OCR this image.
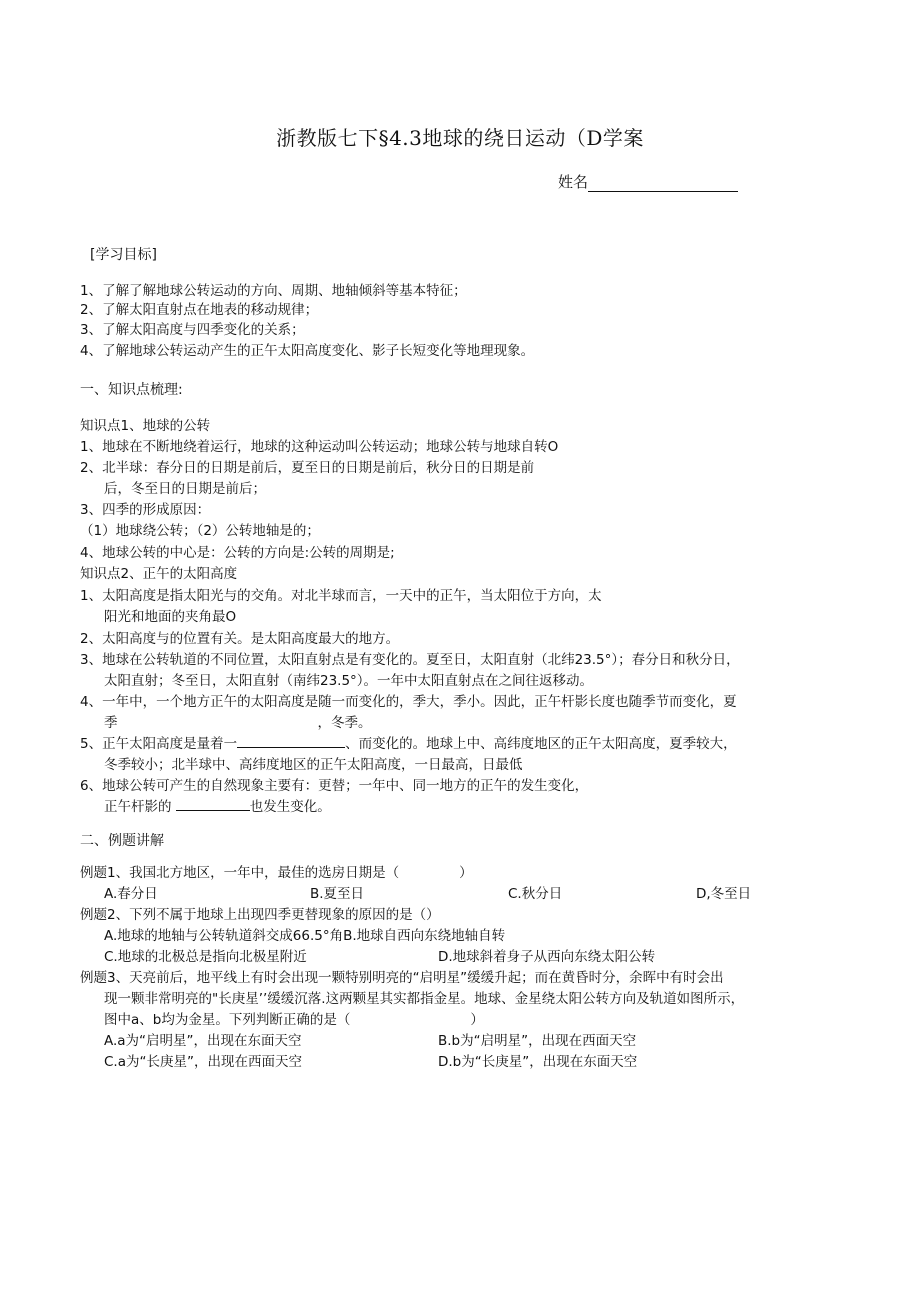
浙教版七下§4.3地球的绕日运动（D学案
姓名
[学习目标]
1、了解了解地球公转运动的方向、周期、地轴倾斜等基本特征；
2、了解太阳直射点在地表的移动规律；
3、了解太阳高度与四季变化的关系；
4、了解地球公转运动产生的正午太阳高度变化、影子长短变化等地理现象。
一、知识点梳理:
知识点1、地球的公转
1、地球在不断地绕着运行，地球的这种运动叫公转运动；地球公转与地球自转O
2、北半球：春分日的日期是前后，夏至日的日期是前后，秋分日的日期是前
后，冬至日的日期是前后；
3、四季的形成原因：
（1）地球绕公转；（2）公转地轴是的；
4、地球公转的中心是：公转的方向是:公转的周期是;
知识点2、正午的太阳高度
1、太阳高度是指太阳光与的交角。对北半球而言，一天中的正午，当太阳位于方向，太
阳光和地面的夹角最O
2、太阳高度与的位置有关。是太阳高度最大的地方。
3、地球在公转轨道的不同位置，太阳直射点是有变化的。夏至日，太阳直射（北纬23.5°）；春分日和秋分日，
太阳直射；冬至日，太阳直射（南纬23.5°）。一年中太阳直射点在之间往返移动。
4、一年中，一个地方正午的太阳高度是随一而变化的，季大，季小。因此，正午杆影长度也随季节而变化，夏
季	，冬季。
5、正午太阳高度是量着一	、而变化的。地球上中、高纬度地区的正午太阳高度，夏季较大，
冬季较小；北半球中、高纬度地区的正午太阳高度，一日最高，日最低
6、地球公转可产生的自然现象主要有：更替；一年中、同一地方的正午的发生变化，
正午杆影的	也发生变化。
二、例题讲解
例题1、我国北方地区，一年中，最佳的选房日期是（	）
A.春分日	B.夏至日	C.秋分日	D,冬至日
例题2、下列不属于地球上出现四季更替现象的原因的是（）
A.地球的地轴与公转轨道斜交成66.5°角B.地球自西向东绕地轴自转
C.地球的北极总是指向北极星附近	D.地球斜着身子从西向东绕太阳公转
例题3、天亮前后，地平线上有时会出现一颗特别明亮的“启明星”缓缓升起；而在黄昏时分，余晖中有时会出
现一颗非常明亮的"长庚星’’缓缓沉落.这两颗星其实都指金星。地球、金星绕太阳公转方向及轨道如图所示，
图中a、b均为金星。下列判断正确的是（	）
A.a为“启明星”，出现在东面天空	B.b为“启明星”，出现在西面天空
C.a为“长庚星”，出现在西面天空	D.b为“长庚星”，出现在东面天空
